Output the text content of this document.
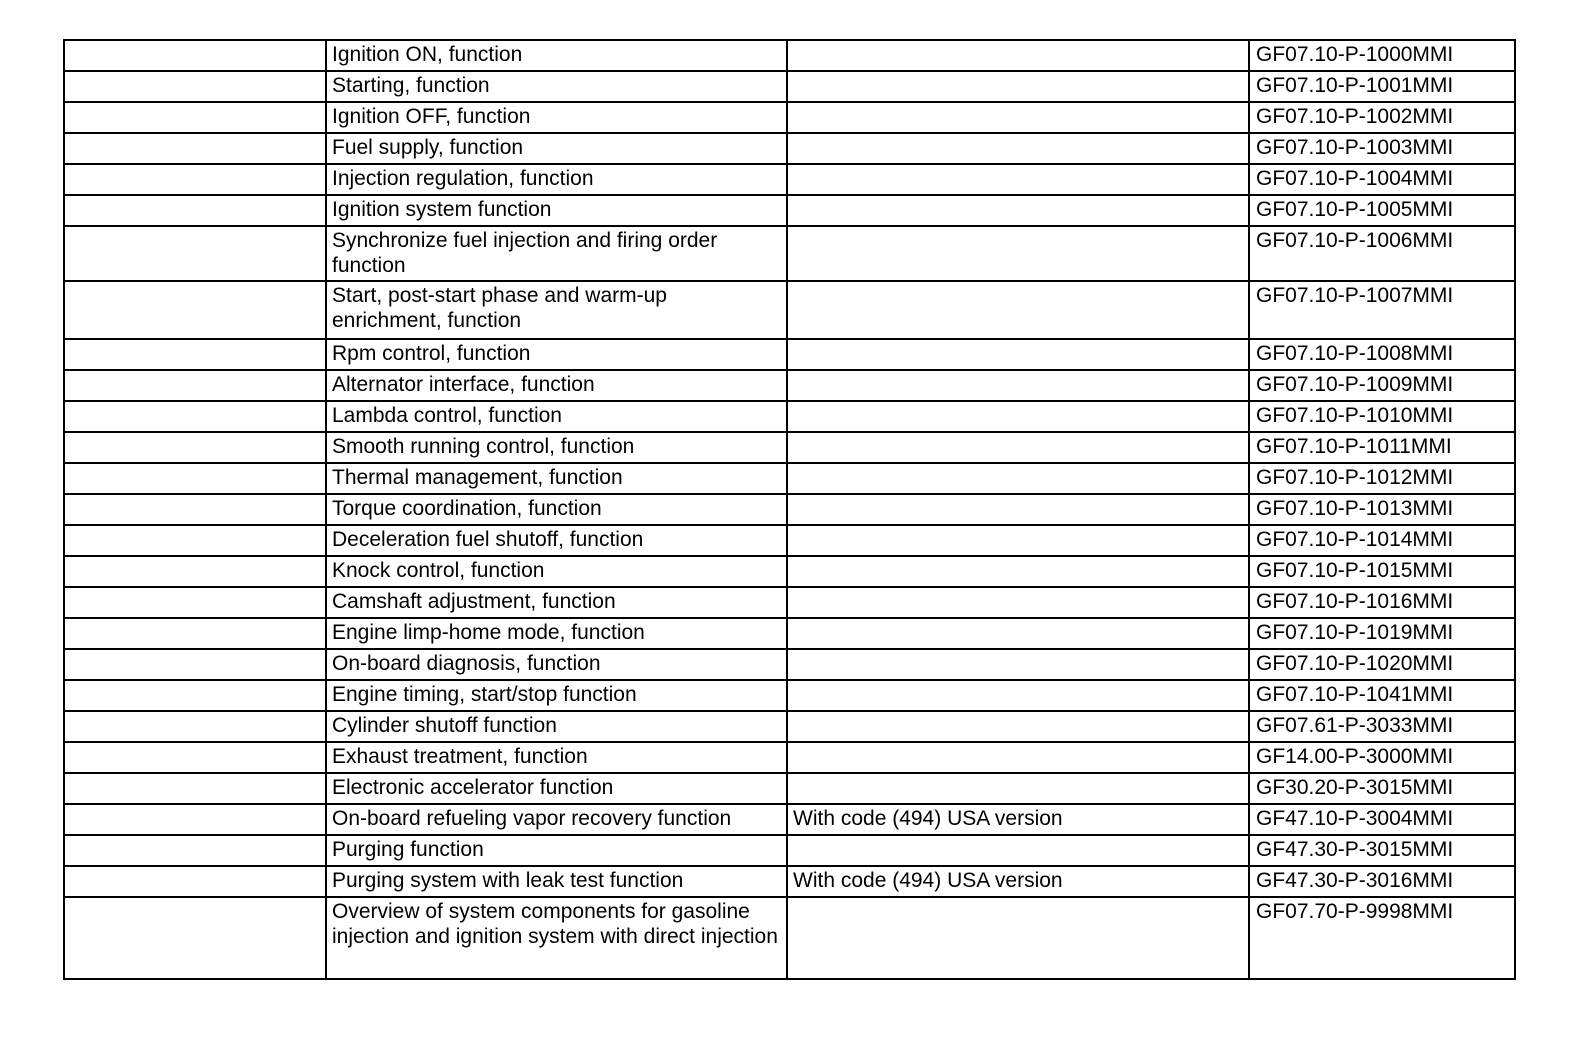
	Ignition ON, function		GF07.10-P-1000MMI
	Starting, function		GF07.10-P-1001MMI
	Ignition OFF, function		GF07.10-P-1002MMI
	Fuel supply, function		GF07.10-P-1003MMI
	Injection regulation, function		GF07.10-P-1004MMI
	Ignition system function		GF07.10-P-1005MMI
	Synchronize fuel injection and firing order function		GF07.10-P-1006MMI
	Start, post-start phase and warm-up enrichment, function		GF07.10-P-1007MMI
	Rpm control, function		GF07.10-P-1008MMI
	Alternator interface, function		GF07.10-P-1009MMI
	Lambda control, function		GF07.10-P-1010MMI
	Smooth running control, function		GF07.10-P-1011MMI
	Thermal management, function		GF07.10-P-1012MMI
	Torque coordination, function		GF07.10-P-1013MMI
	Deceleration fuel shutoff, function		GF07.10-P-1014MMI
	Knock control, function		GF07.10-P-1015MMI
	Camshaft adjustment, function		GF07.10-P-1016MMI
	Engine limp-home mode, function		GF07.10-P-1019MMI
	On-board diagnosis, function		GF07.10-P-1020MMI
	Engine timing, start/stop function		GF07.10-P-1041MMI
	Cylinder shutoff function		GF07.61-P-3033MMI
	Exhaust treatment, function		GF14.00-P-3000MMI
	Electronic accelerator function		GF30.20-P-3015MMI
	On-board refueling vapor recovery function	With code (494) USA version	GF47.10-P-3004MMI
	Purging function		GF47.30-P-3015MMI
	Purging system with leak test function	With code (494) USA version	GF47.30-P-3016MMI
	Overview of system components for gasoline injection and ignition system with direct injection		GF07.70-P-9998MMI
